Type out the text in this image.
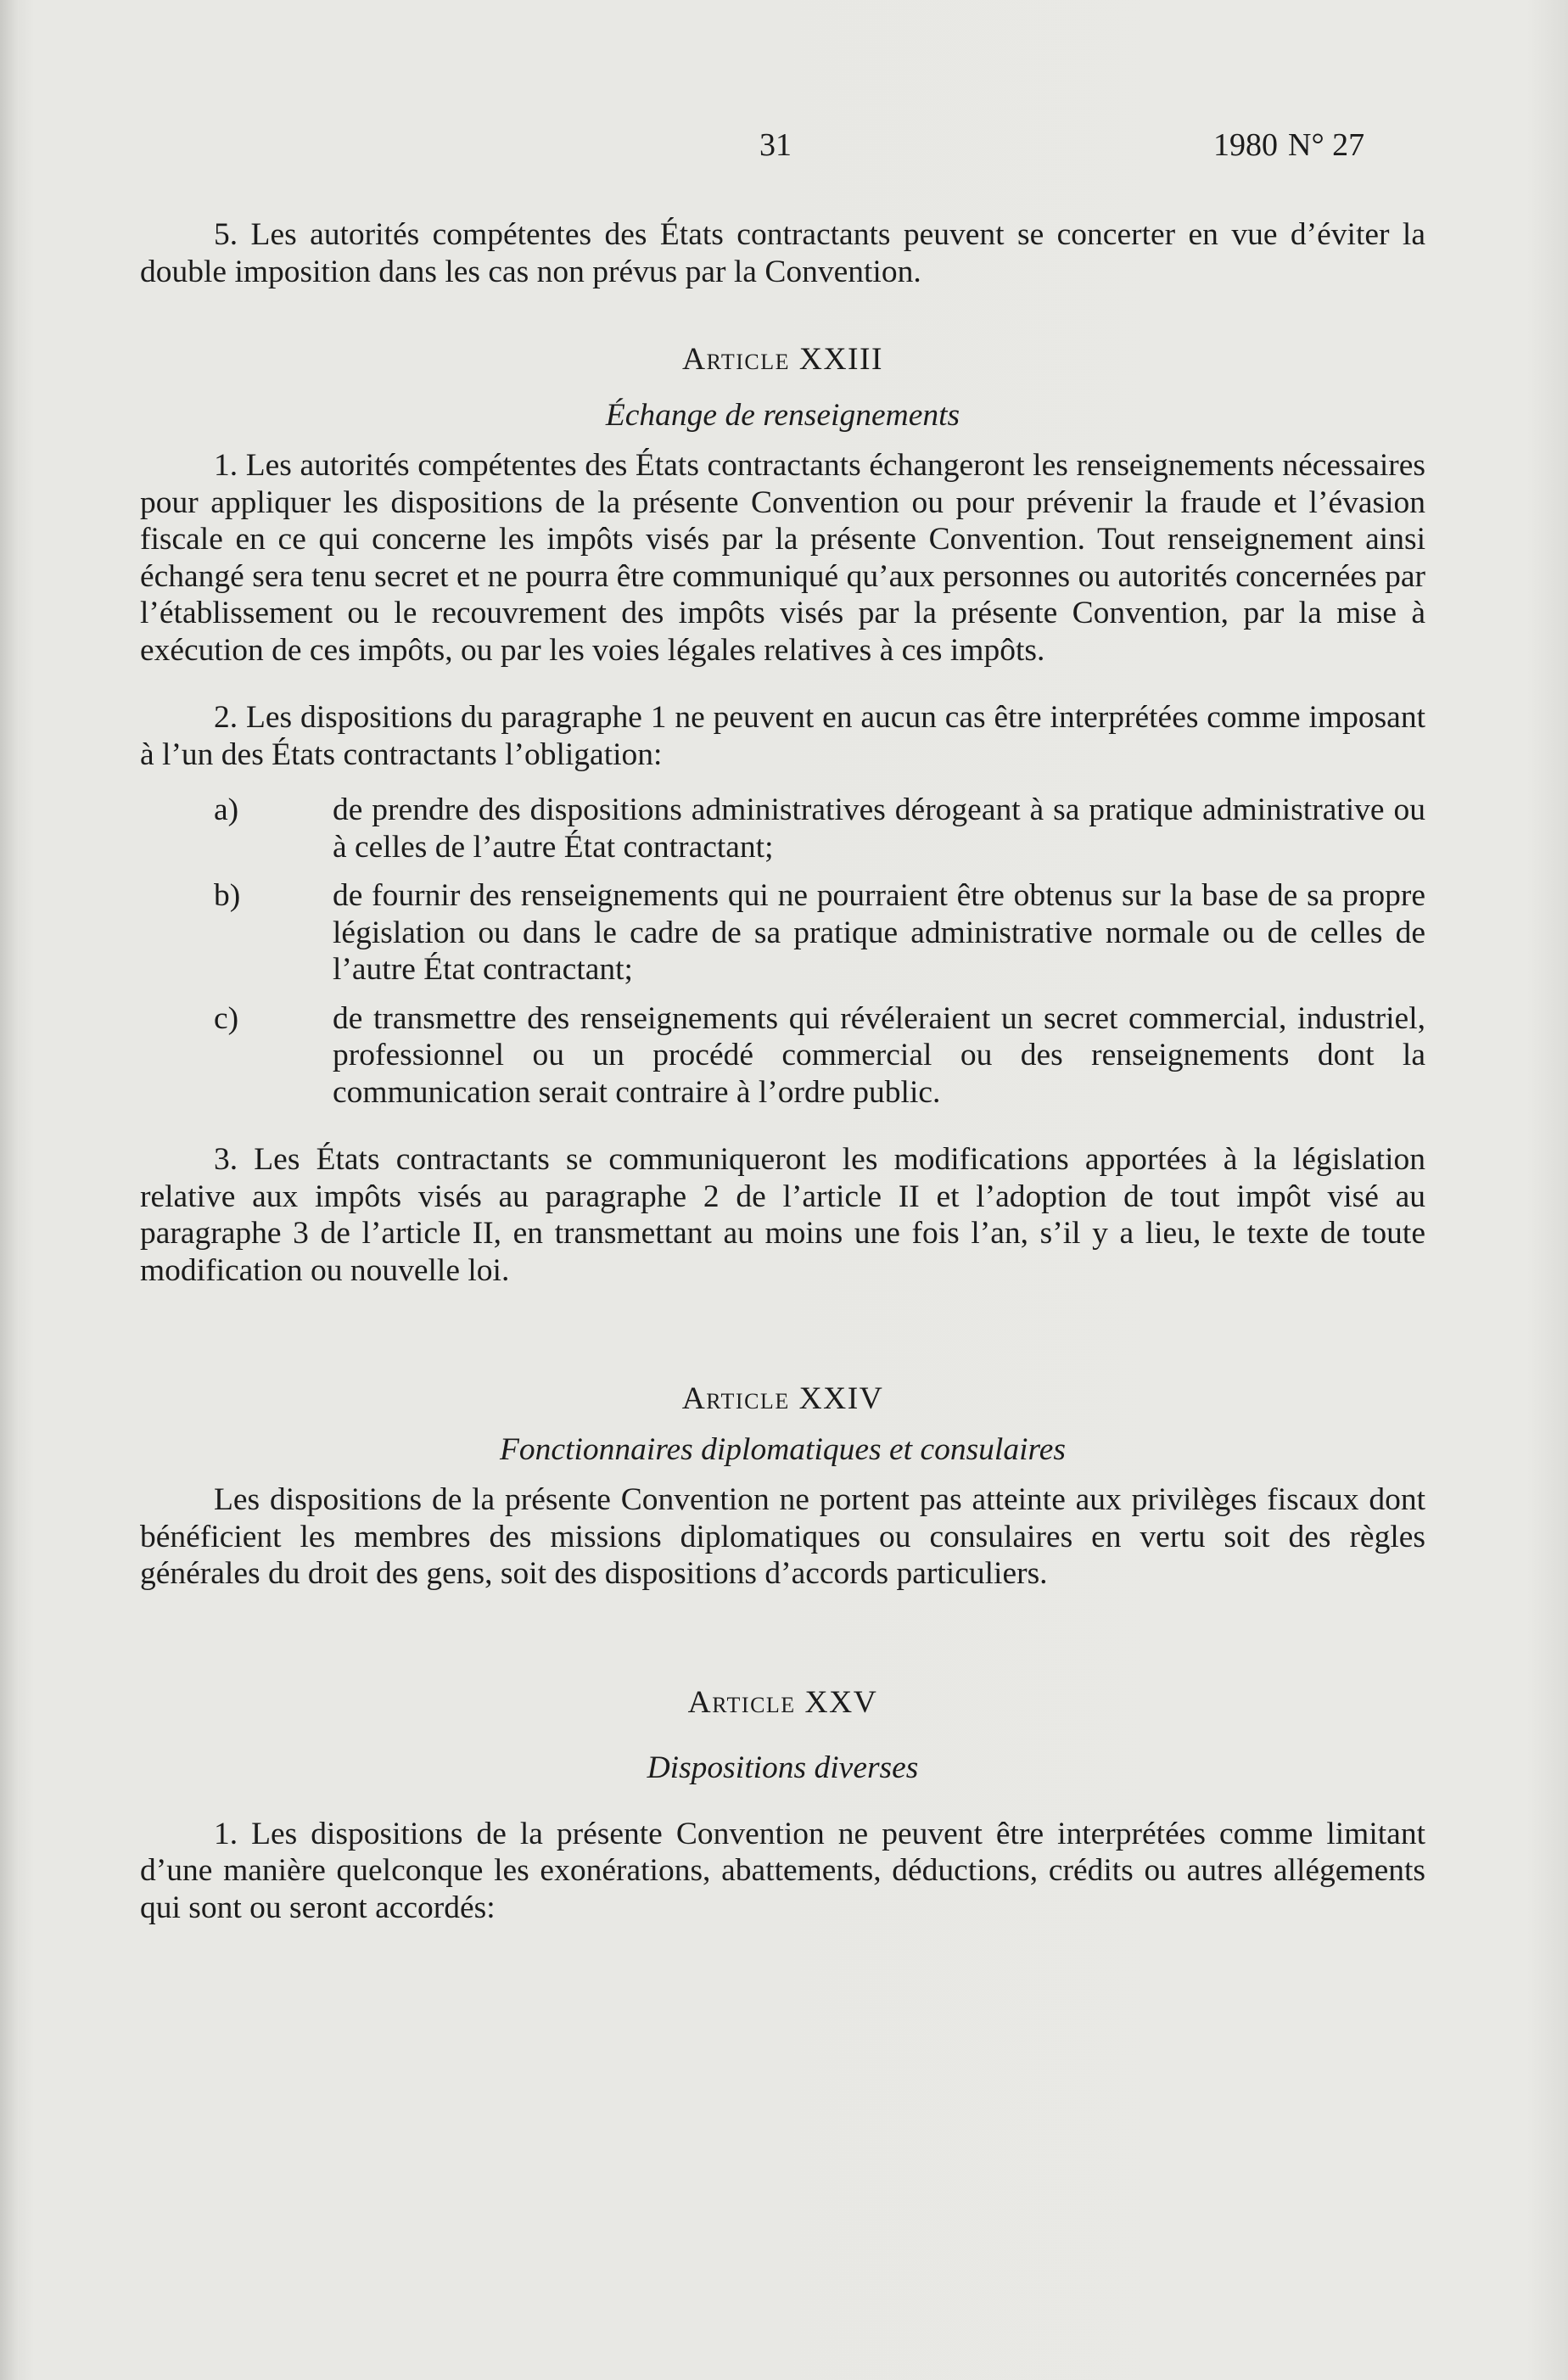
31	1980 N° 27

5. Les autorités compétentes des États contractants peuvent se concerter en vue d’éviter la double imposition dans les cas non prévus par la Convention.

Article XXIII

Échange de renseignements

1. Les autorités compétentes des États contractants échangeront les renseignements nécessaires pour appliquer les dispositions de la présente Convention ou pour prévenir la fraude et l’évasion fiscale en ce qui concerne les impôts visés par la présente Convention. Tout renseignement ainsi échangé sera tenu secret et ne pourra être communiqué qu’aux personnes ou autorités concernées par l’établissement ou le recouvrement des impôts visés par la présente Convention, par la mise à exécution de ces impôts, ou par les voies légales relatives à ces impôts.

2. Les dispositions du paragraphe 1 ne peuvent en aucun cas être interprétées comme imposant à l’un des États contractants l’obligation:

a)	de prendre des dispositions administratives dérogeant à sa pratique administrative ou à celles de l’autre État contractant;
b)	de fournir des renseignements qui ne pourraient être obtenus sur la base de sa propre législation ou dans le cadre de sa pratique administrative normale ou de celles de l’autre État contractant;
c)	de transmettre des renseignements qui révéleraient un secret commercial, industriel, professionnel ou un procédé commercial ou des renseignements dont la communication serait contraire à l’ordre public.

3. Les États contractants se communiqueront les modifications apportées à la législation relative aux impôts visés au paragraphe 2 de l’article II et l’adoption de tout impôt visé au paragraphe 3 de l’article II, en transmettant au moins une fois l’an, s’il y a lieu, le texte de toute modification ou nouvelle loi.

Article XXIV

Fonctionnaires diplomatiques et consulaires

Les dispositions de la présente Convention ne portent pas atteinte aux privilèges fiscaux dont bénéficient les membres des missions diplomatiques ou consulaires en vertu soit des règles générales du droit des gens, soit des dispositions d’accords particuliers.

Article XXV

Dispositions diverses

1. Les dispositions de la présente Convention ne peuvent être interprétées comme limitant d’une manière quelconque les exonérations, abattements, déductions, crédits ou autres allégements qui sont ou seront accordés:
